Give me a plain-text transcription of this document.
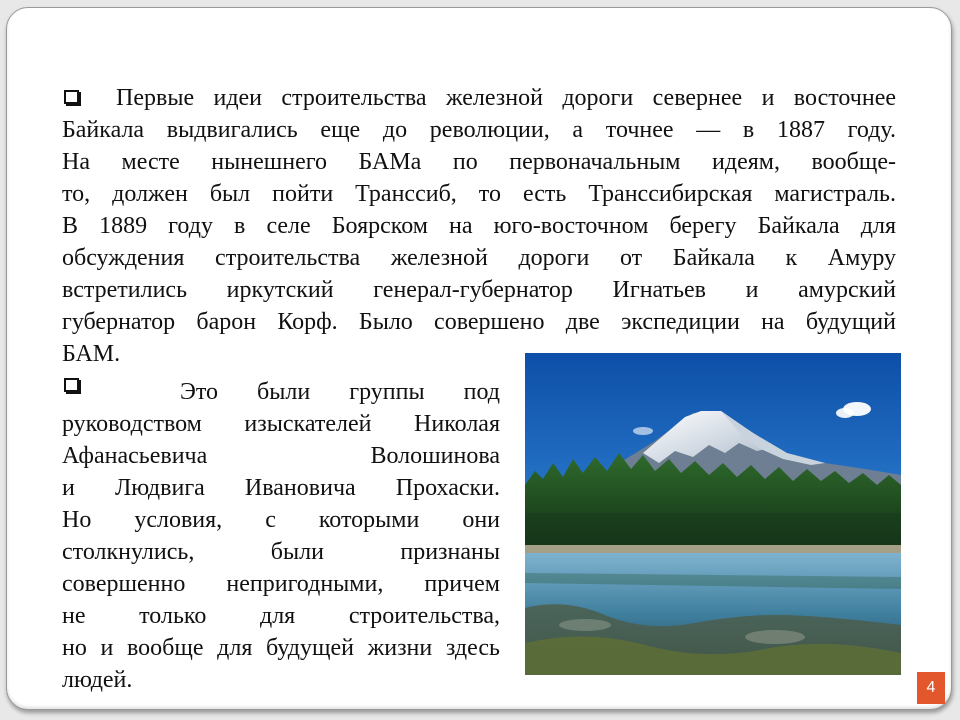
Первые идеи строительства железной дороги севернее и восточнее
Байкала выдвигались еще до революции, а точнее — в 1887 году.
На месте нынешнего БАМа по первоначальным идеям, вообще-
то, должен был пойти Транссиб, то есть Транссибирская магистраль.
В 1889 году в селе Боярском на юго-восточном берегу Байкала для
обсуждения строительства железной дороги от Байкала к Амуру
встретились иркутский генерал-губернатор Игнатьев и амурский
губернатор барон Корф. Было совершено две экспедиции на будущий
БАМ.
Это были группы под
руководством изыскателей Николая
Афанасьевича Волошинова
и Людвига Ивановича Прохаски.
Но условия, с которыми они
столкнулись, были признаны
совершенно непригодными, причем
не только для строительства,
но и вообще для будущей жизни здесь
людей.	4
